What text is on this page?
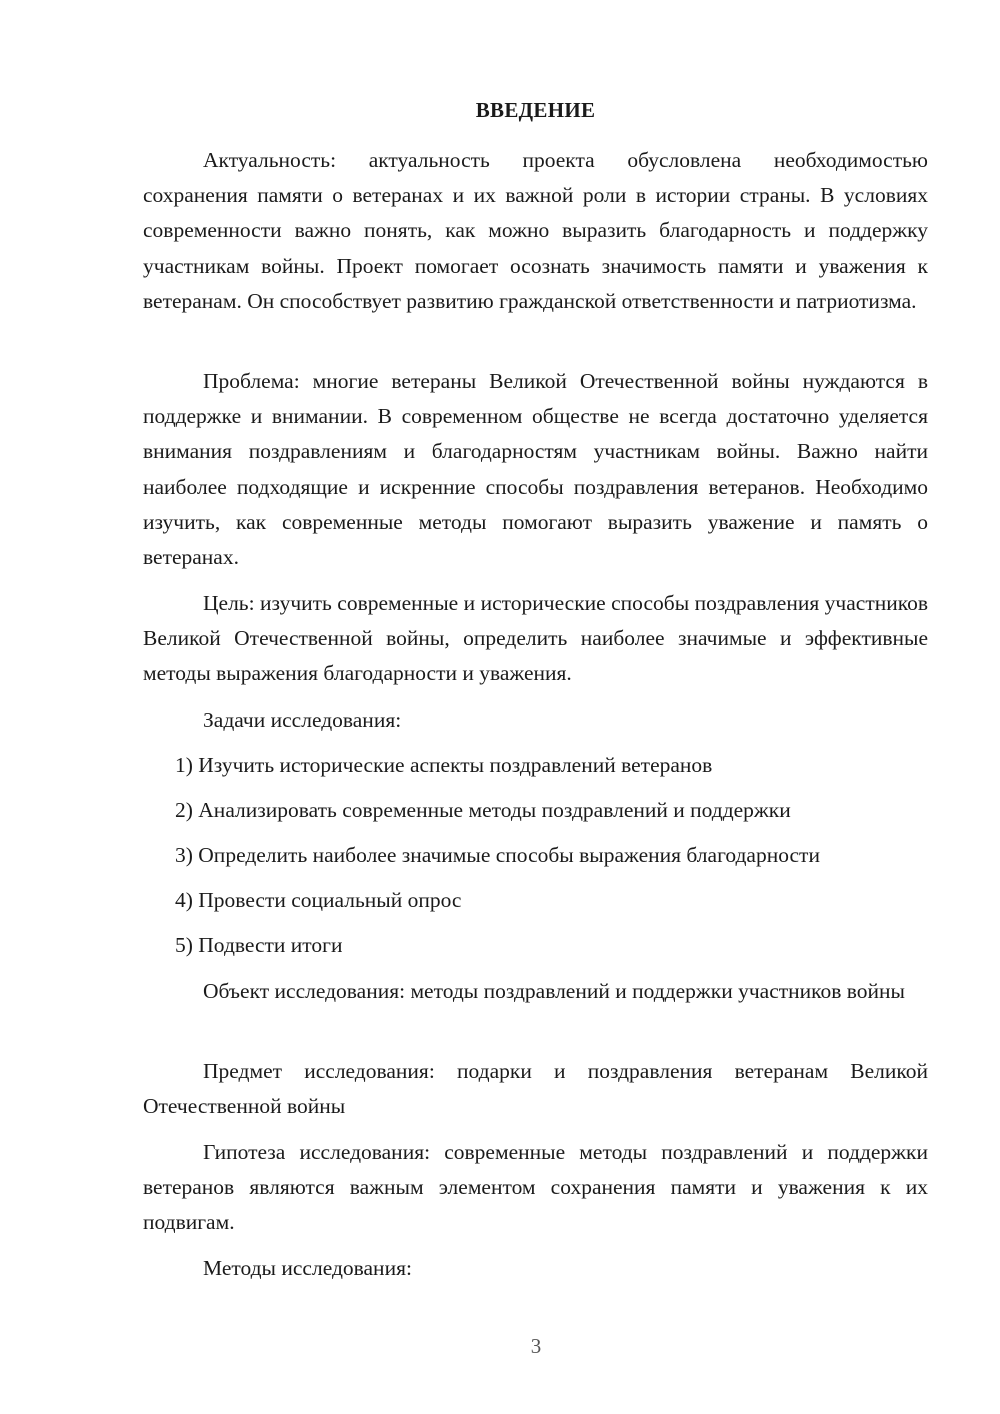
ВВЕДЕНИЕ

Актуальность: актуальность проекта обусловлена необходимостью сохранения памяти о ветеранах и их важной роли в истории страны. В условиях современности важно понять, как можно выразить благодарность и поддержку участникам войны. Проект помогает осознать значимость памяти и уважения к ветеранам. Он способствует развитию гражданской ответственности и патриотизма.

Проблема: многие ветераны Великой Отечественной войны нуждаются в поддержке и внимании. В современном обществе не всегда достаточно уделяется внимания поздравлениям и благодарностям участникам войны. Важно найти наиболее подходящие и искренние способы поздравления ветеранов. Необходимо изучить, как современные методы помогают выразить уважение и память о ветеранах.

Цель: изучить современные и исторические способы поздравления участников Великой Отечественной войны, определить наиболее значимые и эффективные методы выражения благодарности и уважения.

Задачи исследования:

1) Изучить исторические аспекты поздравлений ветеранов

2) Анализировать современные методы поздравлений и поддержки

3) Определить наиболее значимые способы выражения благодарности

4) Провести социальный опрос

5) Подвести итоги

Объект исследования: методы поздравлений и поддержки участников войны

Предмет исследования: подарки и поздравления ветеранам Великой Отечественной войны

Гипотеза исследования: современные методы поздравлений и поддержки ветеранов являются важным элементом сохранения памяти и уважения к их подвигам.

Методы исследования:

3
